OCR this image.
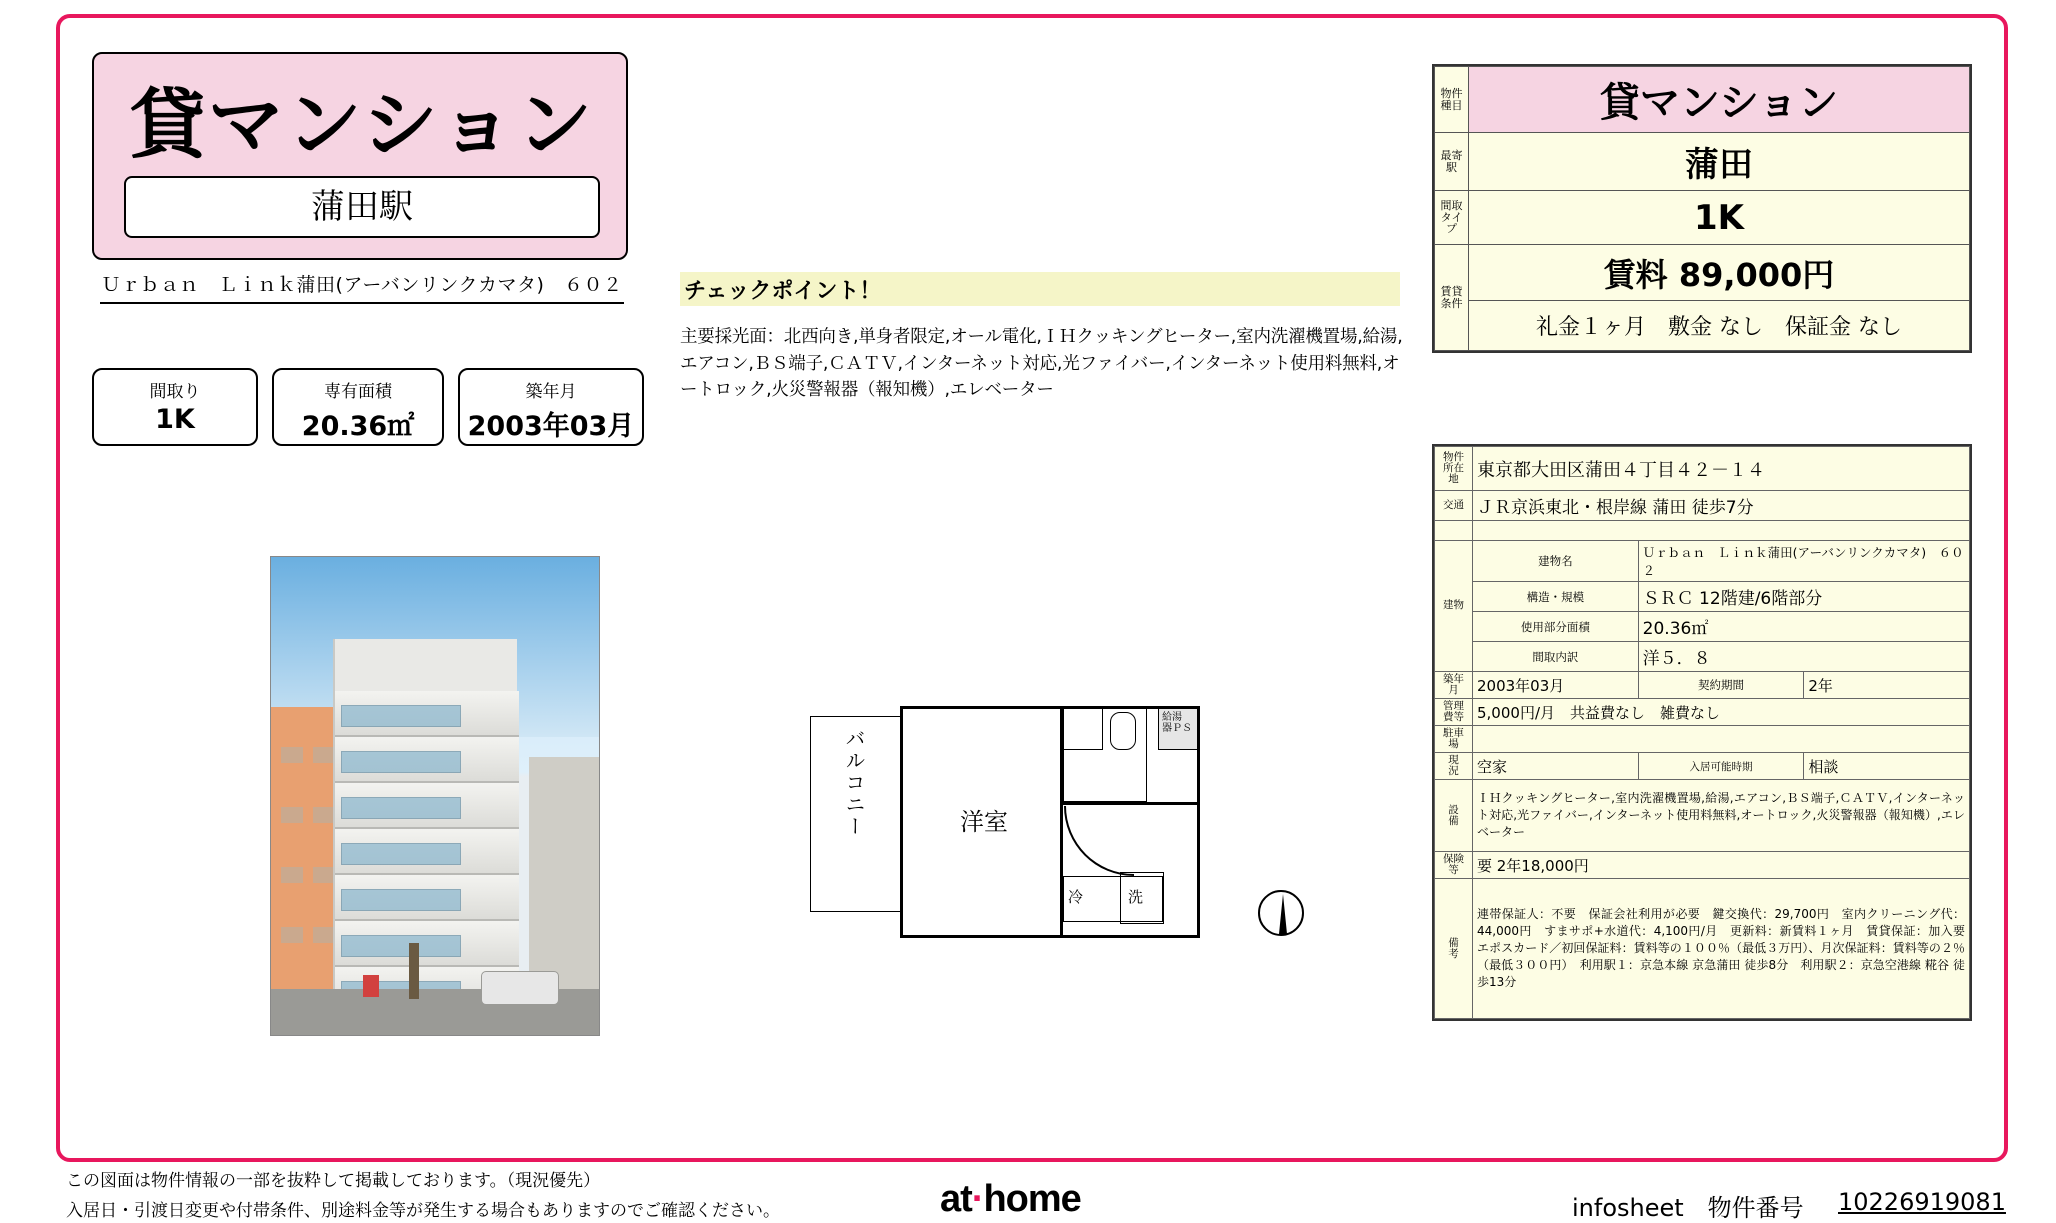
貸マンション
蒲田駅
Ｕｒｂａｎ　Ｌｉｎｋ蒲田(アーバンリンクカマタ)　６０２
間取り
1K
専有面積
20.36㎡
築年月
2003年03月
チェックポイント！
主要採光面：北西向き,単身者限定,オール電化,ＩＨクッキングヒーター,室内洗濯機置場,給湯,エアコン,ＢＳ端子,ＣＡＴＶ,インターネット対応,光ファイバー,インターネット使用料無料,オートロック,火災警報器（報知機）,エレベーター
バルコニー	洋室
冷	洗
給湯
器ＰＳ
物件種目	貸マンション
最寄駅	蒲田
間取タイプ	1K
賃貸条件	賃料 89,000円
	礼金１ヶ月　敷金 なし　保証金 なし
物件所在地	東京都大田区蒲田４丁目４２－１４		
交通	ＪＲ京浜東北・根岸線 蒲田 徒歩7分		

建物	建物名	Ｕｒｂａｎ　Ｌｉｎｋ蒲田(アーバンリンクカマタ)　６０２	
	構造・規模	ＳＲＣ 12階建/6階部分	
	使用部分面積	20.36㎡	
	間取内訳	洋５．８	
築年月	2003年03月	契約期間	2年
管理費等	5,000円/月　共益費なし　雑費なし		
駐車場			
現　況	空家	入居可能時期	相談
設　備	ＩＨクッキングヒーター,室内洗濯機置場,給湯,エアコン,ＢＳ端子,ＣＡＴＶ,インターネット対応,光ファイバー,インターネット使用料無料,オートロック,火災警報器（報知機）,エレベーター		
保険等	要 2年18,000円		
備　考	連帯保証人：不要　保証会社利用が必要　鍵交換代：29,700円　室内クリーニング代：44,000円　すまサポ+水道代：4,100円/月　更新料：新賃料１ヶ月　賃貸保証：加入要 エポスカード／初回保証料：賃料等の１００％（最低３万円）、月次保証料：賃料等の２％（最低３００円）　利用駅１：京急本線 京急蒲田 徒歩8分　利用駅２：京急空港線 糀谷 徒歩13分		
この図面は物件情報の一部を抜粋して掲載しております。（現況優先）
入居日・引渡日変更や付帯条件、別途料金等が発生する場合もありますのでご確認ください。	at·home	infosheet　物件番号 10226919081
